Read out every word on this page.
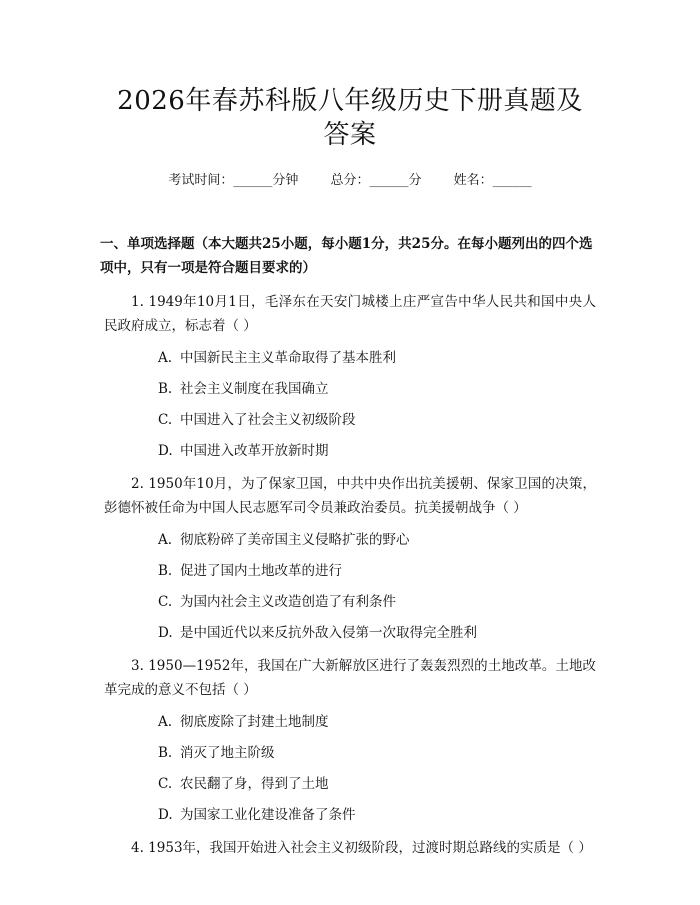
2026年春苏科版八年级历史下册真题及答案
考试时间：______分钟 总分：______分 姓名：______
一、单项选择题（本大题共25小题，每小题1分，共25分。在每小题列出的四个选项中，只有一项是符合题目要求的）
1. 1949年10月1日，毛泽东在天安门城楼上庄严宣告中华人民共和国中央人民政府成立，标志着（ ）
A. 中国新民主主义革命取得了基本胜利
B. 社会主义制度在我国确立
C. 中国进入了社会主义初级阶段
D. 中国进入改革开放新时期
2. 1950年10月，为了保家卫国，中共中央作出抗美援朝、保家卫国的决策，彭德怀被任命为中国人民志愿军司令员兼政治委员。抗美援朝战争（ ）
A. 彻底粉碎了美帝国主义侵略扩张的野心
B. 促进了国内土地改革的进行
C. 为国内社会主义改造创造了有利条件
D. 是中国近代以来反抗外敌入侵第一次取得完全胜利
3. 1950—1952年，我国在广大新解放区进行了轰轰烈烈的土地改革。土地改革完成的意义不包括（ ）
A. 彻底废除了封建土地制度
B. 消灭了地主阶级
C. 农民翻了身，得到了土地
D. 为国家工业化建设准备了条件
4. 1953年，我国开始进入社会主义初级阶段，过渡时期总路线的实质是（ ）
